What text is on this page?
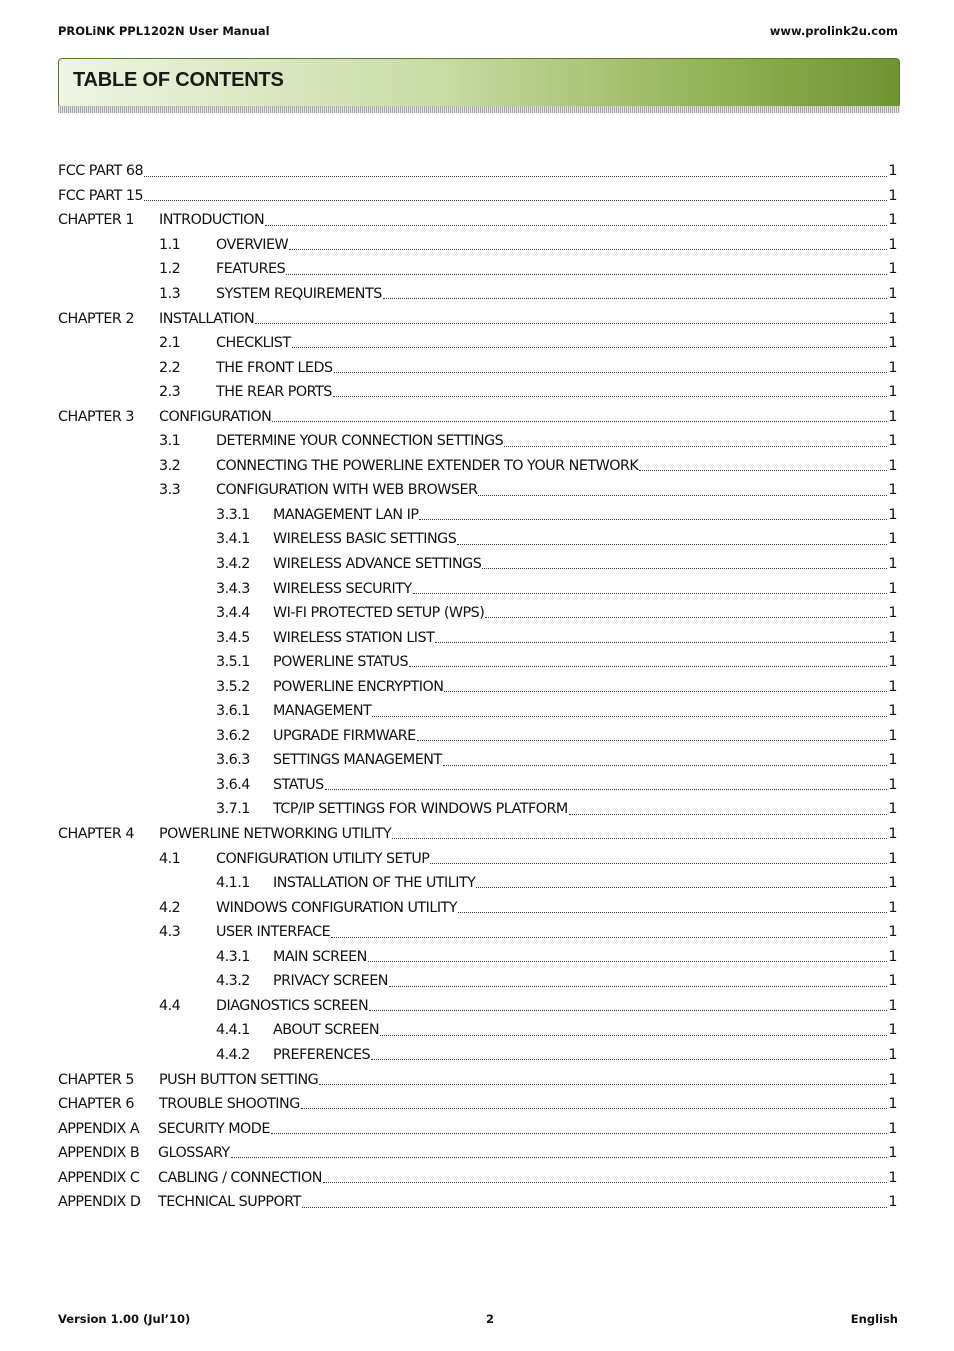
PROLiNK PPL1202N User Manual	www.prolink2u.com
TABLE OF CONTENTS
FCC PART 68	1
FCC PART 15	1
CHAPTER 1	INTRODUCTION	1
1.1	OVERVIEW	1
1.2	FEATURES	1
1.3	SYSTEM REQUIREMENTS	1
CHAPTER 2	INSTALLATION	1
2.1	CHECKLIST	1
2.2	THE FRONT LEDS	1
2.3	THE REAR PORTS	1
CHAPTER 3	CONFIGURATION	1
3.1	DETERMINE YOUR CONNECTION SETTINGS	1
3.2	CONNECTING THE POWERLINE EXTENDER TO YOUR NETWORK	1
3.3	CONFIGURATION WITH WEB BROWSER	1
3.3.1	MANAGEMENT LAN IP	1
3.4.1	WIRELESS BASIC SETTINGS	1
3.4.2	WIRELESS ADVANCE SETTINGS	1
3.4.3	WIRELESS SECURITY	1
3.4.4	WI-FI PROTECTED SETUP (WPS)	1
3.4.5	WIRELESS STATION LIST	1
3.5.1	POWERLINE STATUS	1
3.5.2	POWERLINE ENCRYPTION	1
3.6.1	MANAGEMENT	1
3.6.2	UPGRADE FIRMWARE	1
3.6.3	SETTINGS MANAGEMENT	1
3.6.4	STATUS	1
3.7.1	TCP/IP SETTINGS FOR WINDOWS PLATFORM	1
CHAPTER 4	POWERLINE NETWORKING UTILITY	1
4.1	CONFIGURATION UTILITY SETUP	1
4.1.1	INSTALLATION OF THE UTILITY	1
4.2	WINDOWS CONFIGURATION UTILITY	1
4.3	USER INTERFACE	1
4.3.1	MAIN SCREEN	1
4.3.2	PRIVACY SCREEN	1
4.4	DIAGNOSTICS SCREEN	1
4.4.1	ABOUT SCREEN	1
4.4.2	PREFERENCES	1
CHAPTER 5	PUSH BUTTON SETTING	1
CHAPTER 6	TROUBLE SHOOTING	1
APPENDIX A	SECURITY MODE	1
APPENDIX B	GLOSSARY	1
APPENDIX C	CABLING / CONNECTION	1
APPENDIX D	TECHNICAL SUPPORT	1
Version 1.00 (Jul’10)	2	English
